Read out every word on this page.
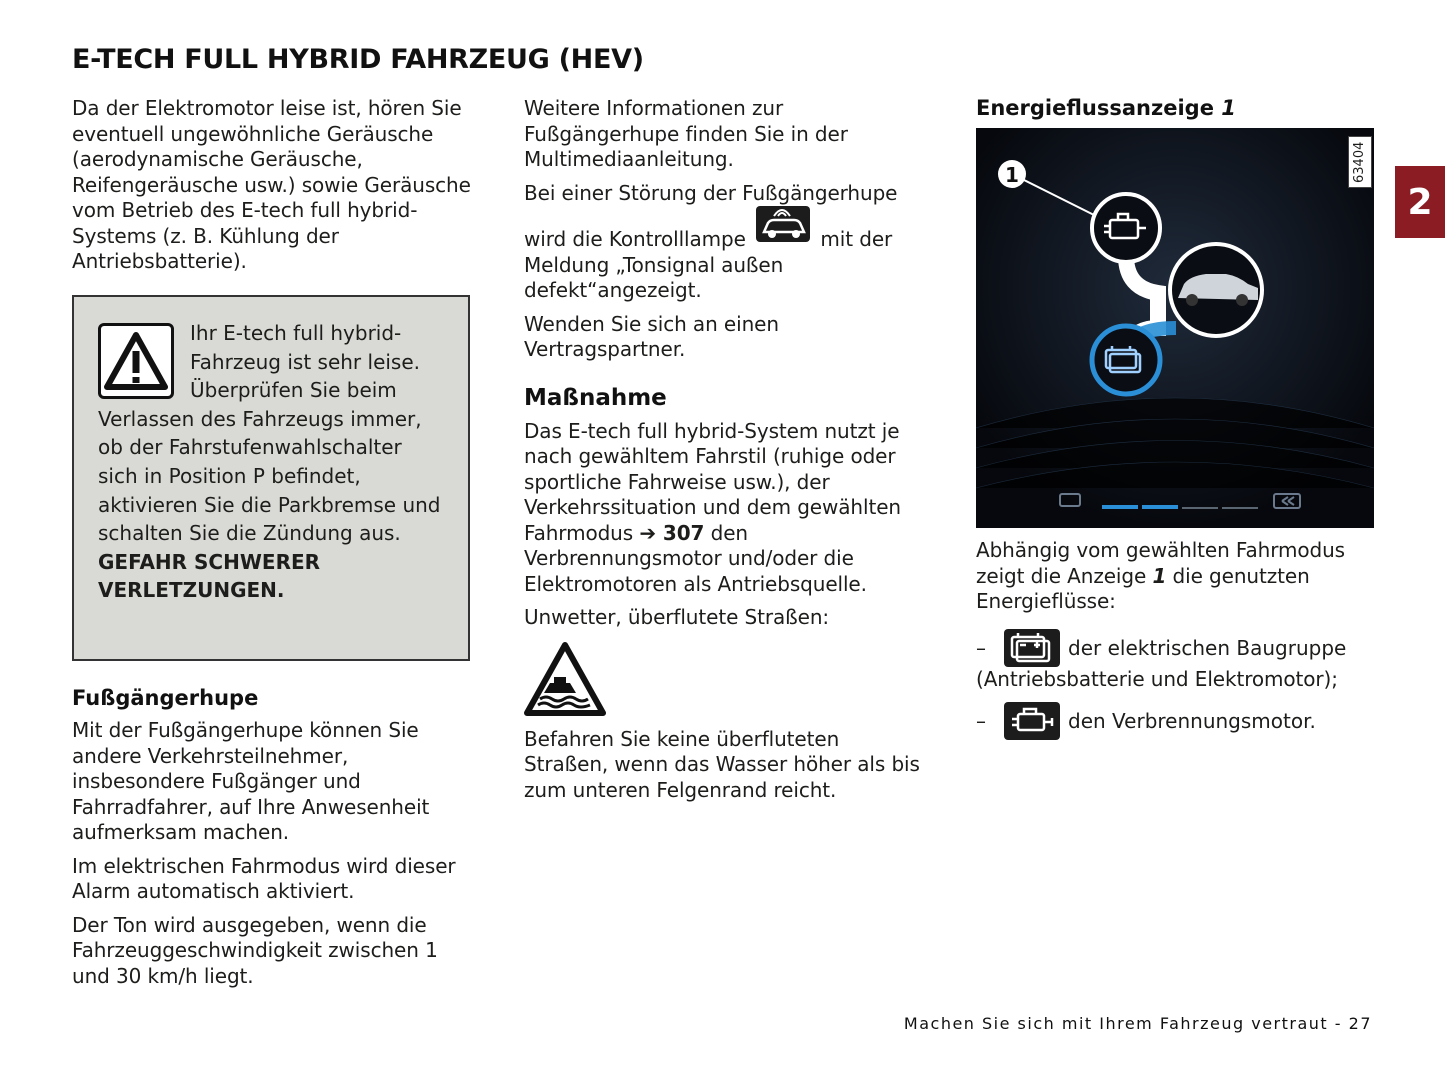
E-TECH FULL HYBRID FAHRZEUG (HEV)

Da der Elektromotor leise ist, hören Sie eventuell ungewöhnliche Geräusche (aerodynamische Geräusche, Reifengeräusche usw.) sowie Geräusche vom Betrieb des E-tech full hybrid-Systems (z. B. Kühlung der Antriebsbatterie).

Ihr E-tech full hybrid-Fahrzeug ist sehr leise. Überprüfen Sie beim Verlassen des Fahrzeugs immer, ob der Fahrstufenwahlschalter sich in Position P befindet, aktivieren Sie die Parkbremse und schalten Sie die Zündung aus.
GEFAHR SCHWERER VERLETZUNGEN.
Fußgängerhupe

Mit der Fußgängerhupe können Sie andere Verkehrsteilnehmer, insbesondere Fußgänger und Fahrradfahrer, auf Ihre Anwesenheit aufmerksam machen.

Im elektrischen Fahrmodus wird dieser Alarm automatisch aktiviert.

Der Ton wird ausgegeben, wenn die Fahrzeuggeschwindigkeit zwischen 1 und 30 km/h liegt.

Weitere Informationen zur Fußgängerhupe finden Sie in der Multimediaanleitung.

Bei einer Störung der Fußgängerhupe wird die Kontrolllampe	mit der Meldung „Tonsignal außen defekt“angezeigt.

Wenden Sie sich an einen Vertragspartner.

Maßnahme

Das E-tech full hybrid-System nutzt je nach gewähltem Fahrstil (ruhige oder sportliche Fahrweise usw.), der Verkehrssituation und dem gewählten Fahrmodus ➔ 307 den Verbrennungsmotor und/oder die Elektromotoren als Antriebsquelle.

Unwetter, überflutete Straßen:

Befahren Sie keine überfluteten Straßen, wenn das Wasser höher als bis zum unteren Felgenrand reicht.

Energieflussanzeige 1
1

Abhängig vom gewählten Fahrmodus zeigt die Anzeige 1 die genutzten Energieflüsse:

–	der elektrischen Baugruppe

(Antriebsbatterie und Elektromotor);

–	den Verbrennungsmotor.
63404
2
Machen Sie sich mit Ihrem Fahrzeug vertraut - 27
